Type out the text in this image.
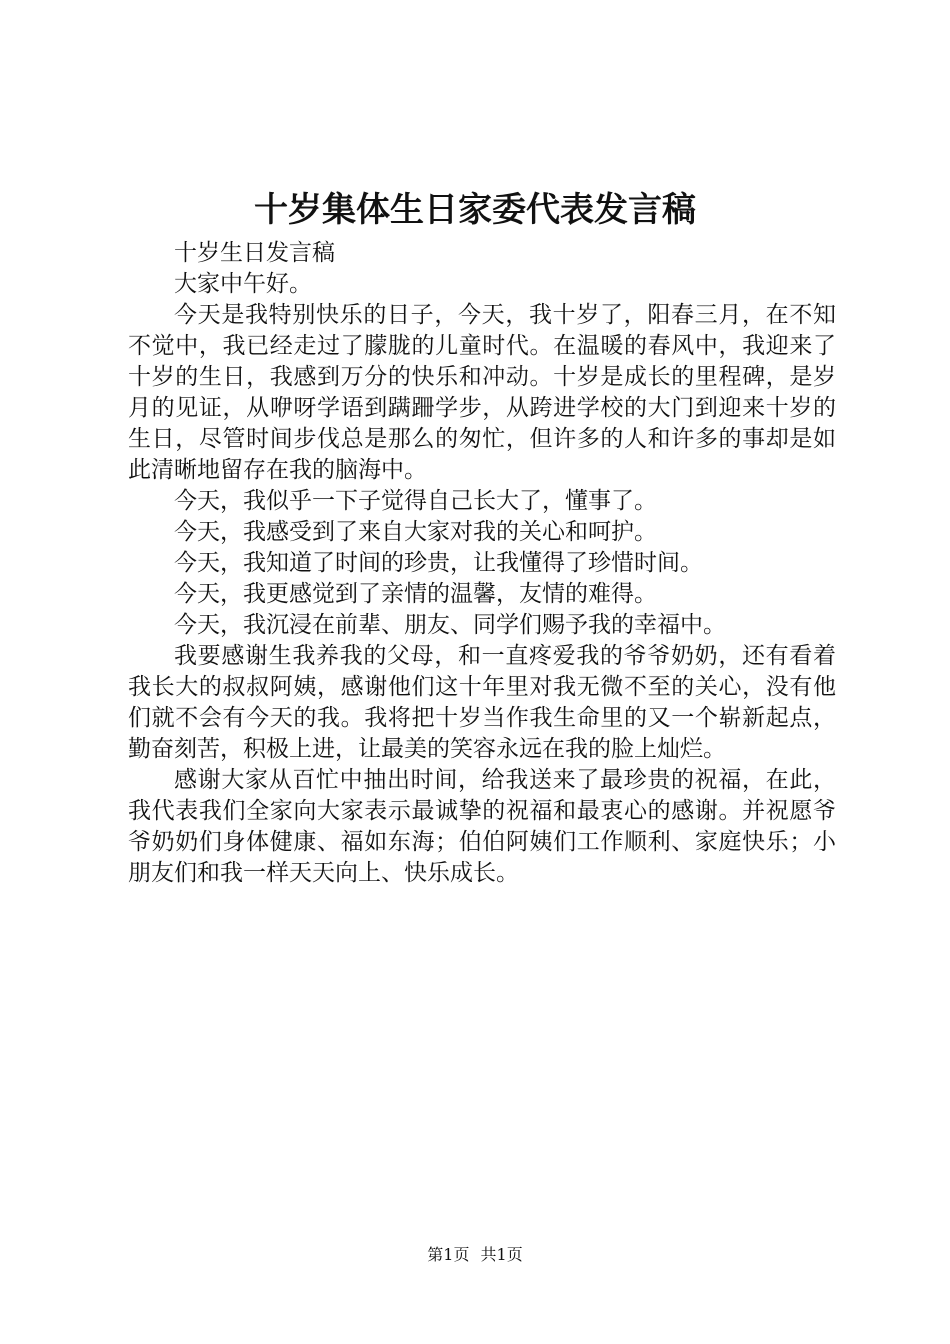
十岁集体生日家委代表发言稿

十岁生日发言稿

大家中午好。

今天是我特别快乐的日子，今天，我十岁了，阳春三月，在不知不觉中，我已经走过了朦胧的儿童时代。在温暖的春风中，我迎来了十岁的生日，我感到万分的快乐和冲动。十岁是成长的里程碑，是岁月的见证，从咿呀学语到蹒跚学步，从跨进学校的大门到迎来十岁的生日，尽管时间步伐总是那么的匆忙，但许多的人和许多的事却是如此清晰地留存在我的脑海中。

今天，我似乎一下子觉得自己长大了，懂事了。

今天，我感受到了来自大家对我的关心和呵护。

今天，我知道了时间的珍贵，让我懂得了珍惜时间。

今天，我更感觉到了亲情的温馨，友情的难得。

今天，我沉浸在前辈、朋友、同学们赐予我的幸福中。

我要感谢生我养我的父母，和一直疼爱我的爷爷奶奶，还有看着我长大的叔叔阿姨，感谢他们这十年里对我无微不至的关心，没有他们就不会有今天的我。我将把十岁当作我生命里的又一个崭新起点，勤奋刻苦，积极上进，让最美的笑容永远在我的脸上灿烂。

感谢大家从百忙中抽出时间，给我送来了最珍贵的祝福，在此，我代表我们全家向大家表示最诚挚的祝福和最衷心的感谢。并祝愿爷爷奶奶们身体健康、福如东海；伯伯阿姨们工作顺利、家庭快乐；小朋友们和我一样天天向上、快乐成长。

第1页 共1页
